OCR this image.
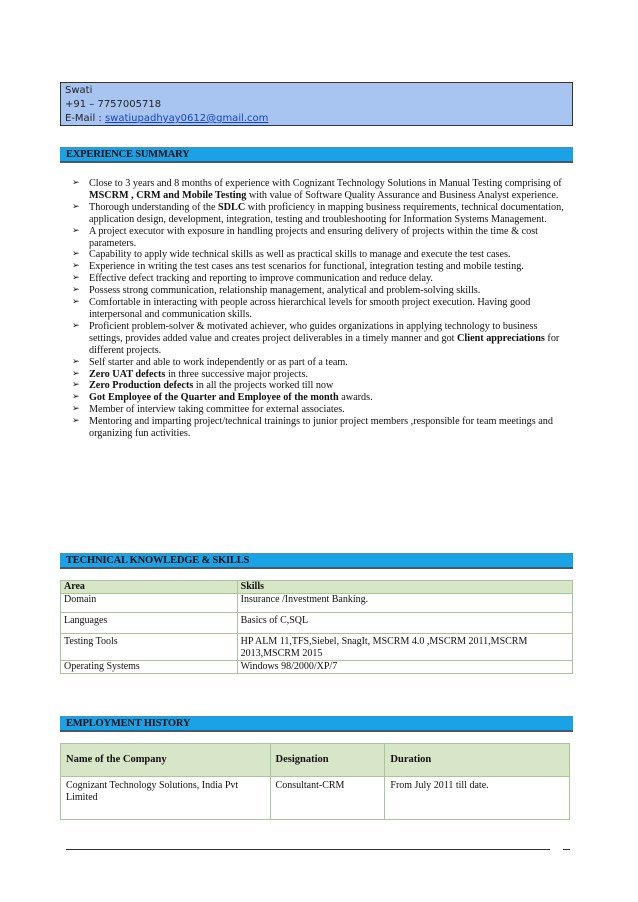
Swati
+91 – 7757005718
E-Mail : swatiupadhyay0612@gmail.com
EXPERIENCE SUMMARY
➢ Close to 3 years and 8 months of experience with Cognizant Technology Solutions in Manual Testing comprising of MSCRM , CRM and Mobile Testing with value of Software Quality Assurance and Business Analyst experience.
➢ Thorough understanding of the SDLC with proficiency in mapping business requirements, technical documentation, application design, development, integration, testing and troubleshooting for Information Systems Management.
➢ A project executor with exposure in handling projects and ensuring delivery of projects within the time & cost parameters.
➢ Capability to apply wide technical skills as well as practical skills to manage and execute the test cases.
➢ Experience in writing the test cases ans test scenarios for functional, integration testing and mobile testing.
➢ Effective defect tracking and reporting to improve communication and reduce delay.
➢ Possess strong communication, relationship management, analytical and problem-solving skills.
➢ Comfortable in interacting with people across hierarchical levels for smooth project execution. Having good interpersonal and communication skills.
➢ Proficient problem-solver & motivated achiever, who guides organizations in applying technology to business settings, provides added value and creates project deliverables in a timely manner and got Client appreciations for different projects.
➢ Self starter and able to work independently or as part of a team.
➢ Zero UAT defects in three successive major projects.
➢ Zero Production defects in all the projects worked till now
➢ Got Employee of the Quarter and Employee of the month awards.
➢ Member of interview taking committee for external associates.
➢ Mentoring and imparting project/technical trainings to junior project members ,responsible for team meetings and organizing fun activities.
TECHNICAL KNOWLEDGE & SKILLS
Area	Skills
Domain	Insurance /Investment Banking.
Languages	Basics of C,SQL
Testing Tools	HP ALM 11,TFS,Siebel, SnagIt, MSCRM 4.0 ,MSCRM 2011,MSCRM 2013,MSCRM 2015
Operating Systems	Windows 98/2000/XP/7
EMPLOYMENT HISTORY
Name of the Company	Designation	Duration
Cognizant Technology Solutions, India Pvt Limited	Consultant-CRM	From July 2011 till date.
